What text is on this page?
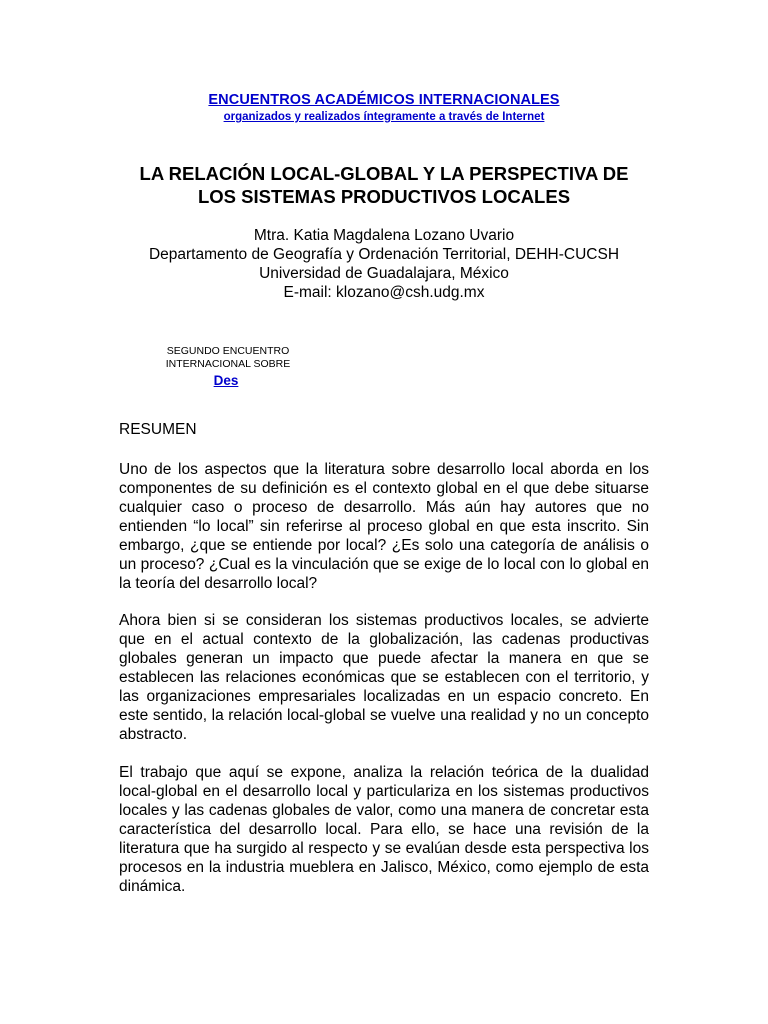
ENCUENTROS ACADÉMICOS INTERNACIONALES
organizados y realizados íntegramente a través de Internet
LA RELACIÓN LOCAL-GLOBAL Y LA PERSPECTIVA DE
LOS SISTEMAS PRODUCTIVOS LOCALES
Mtra. Katia Magdalena Lozano Uvario
Departamento de Geografía y Ordenación Territorial, DEHH-CUCSH
Universidad de Guadalajara, México
E-mail: klozano@csh.udg.mx
SEGUNDO ENCUENTRO
INTERNACIONAL SOBRE
Des
RESUMEN

Uno de los aspectos que la literatura sobre desarrollo local aborda en los componentes de su definición es el contexto global en el que debe situarse cualquier caso o proceso de desarrollo. Más aún hay autores que no entienden “lo local” sin referirse al proceso global en que esta inscrito. Sin embargo, ¿que se entiende por local? ¿Es solo una categoría de análisis o un proceso? ¿Cual es la vinculación que se exige de lo local con lo global en la teoría del desarrollo local?

Ahora bien si se consideran los sistemas productivos locales, se advierte que en el actual contexto de la globalización, las cadenas productivas globales generan un impacto que puede afectar la manera en que se establecen las relaciones económicas que se establecen con el territorio, y las organizaciones empresariales localizadas en un espacio concreto. En este sentido, la relación local-global se vuelve una realidad y no un concepto abstracto.

El trabajo que aquí se expone, analiza la relación teórica de la dualidad local-global en el desarrollo local y particulariza en los sistemas productivos locales y las cadenas globales de valor, como una manera de concretar esta característica del desarrollo local. Para ello, se hace una revisión de la literatura que ha surgido al respecto y se evalúan desde esta perspectiva los procesos en la industria mueblera en Jalisco, México, como ejemplo de esta dinámica.
